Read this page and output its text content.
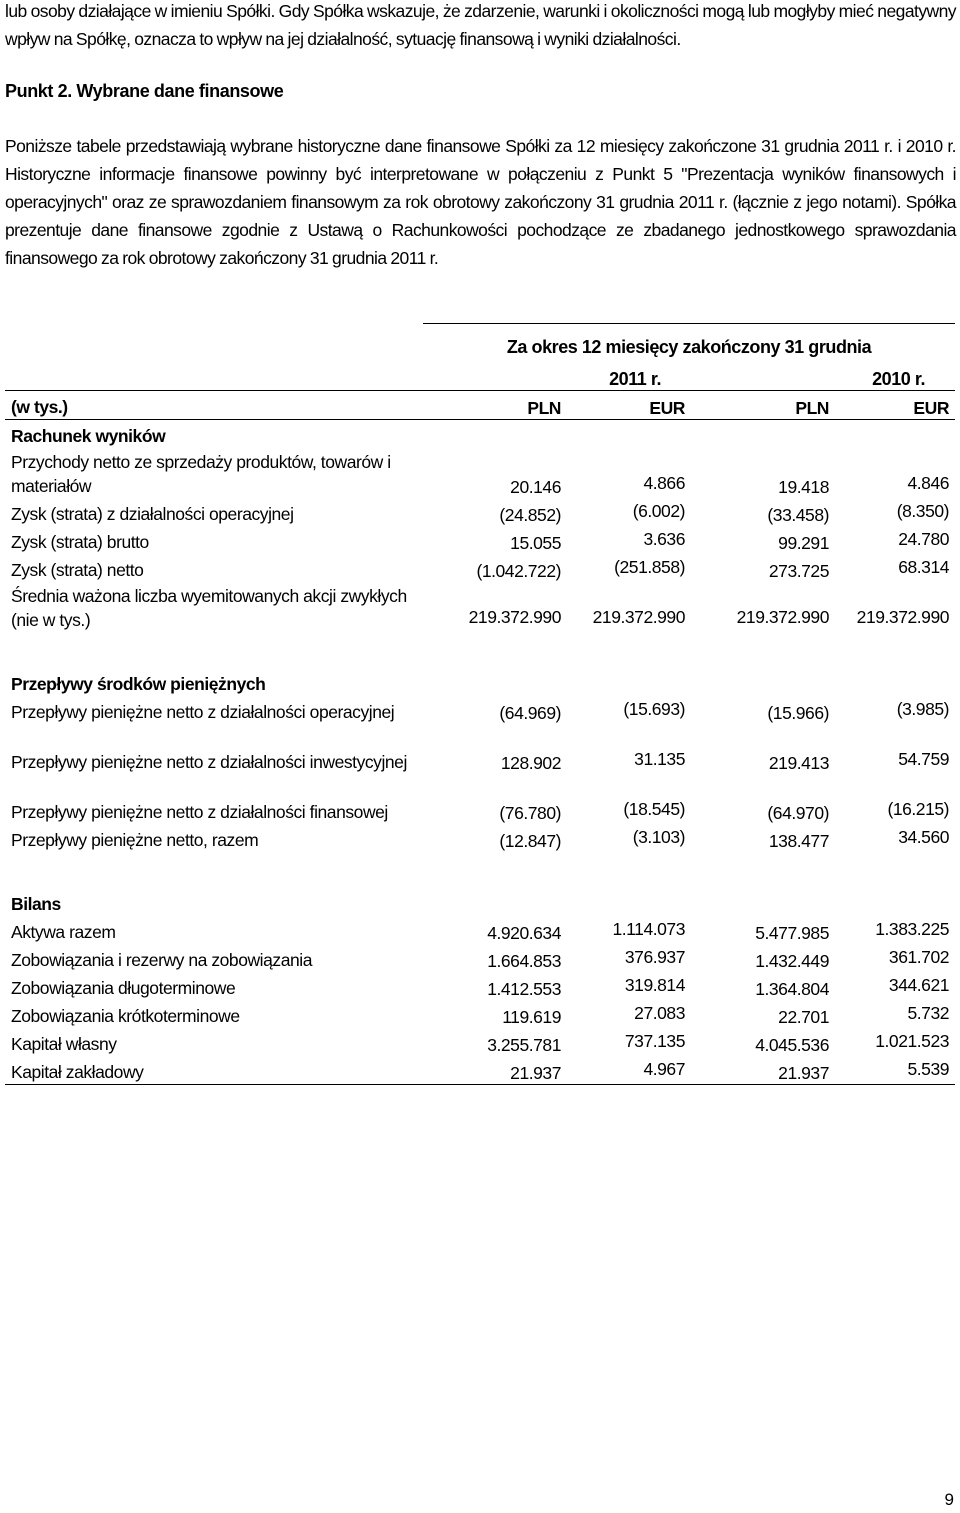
lub osoby działające w imieniu Spółki. Gdy Spółka wskazuje, że zdarzenie, warunki i okoliczności mogą lub mogłyby mieć negatywny wpływ na Spółkę, oznacza to wpływ na jej działalność, sytuację finansową i wyniki działalności.
Punkt 2. Wybrane dane finansowe
Poniższe tabele przedstawiają wybrane historyczne dane finansowe Spółki za 12 miesięcy zakończone 31 grudnia 2011 r. i 2010 r. Historyczne informacje finansowe powinny być interpretowane w połączeniu z Punkt 5 "Prezentacja wyników finansowych i operacyjnych" oraz ze sprawozdaniem finansowym za rok obrotowy zakończony 31 grudnia 2011 r. (łącznie z jego notami). Spółka prezentuje dane finansowe zgodnie z Ustawą o Rachunkowości pochodzące ze zbadanego jednostkowego sprawozdania finansowego za rok obrotowy zakończony 31 grudnia 2011 r.
	Za okres 12 miesięcy zakończony 31 grudnia			
	2011 r.		2010 r.	
(w tys.)	PLN	EUR	PLN	EUR
Rachunek wyników				
Przychody netto ze sprzedaży produktów, towarów i materiałów	20.146	4.866	19.418	4.846
Zysk (strata) z działalności operacyjnej	(24.852)	(6.002)	(33.458)	(8.350)
Zysk (strata) brutto	15.055	3.636	99.291	24.780
Zysk (strata) netto	(1.042.722)	(251.858)	273.725	68.314
Średnia ważona liczba wyemitowanych akcji zwykłych (nie w tys.)	219.372.990	219.372.990	219.372.990	219.372.990

Przepływy środków pieniężnych				
Przepływy pieniężne netto z działalności operacyjnej	(64.969)	(15.693)	(15.966)	(3.985)
Przepływy pieniężne netto z działalności inwestycyjnej	128.902	31.135	219.413	54.759

Przepływy pieniężne netto z działalności finansowej	(76.780)	(18.545)	(64.970)	(16.215)
Przepływy pieniężne netto, razem	(12.847)	(3.103)	138.477	34.560

Bilans				
Aktywa razem	4.920.634	1.114.073	5.477.985	1.383.225
Zobowiązania i rezerwy na zobowiązania	1.664.853	376.937	1.432.449	361.702
Zobowiązania długoterminowe	1.412.553	319.814	1.364.804	344.621
Zobowiązania krótkoterminowe	119.619	27.083	22.701	5.732
Kapitał własny	3.255.781	737.135	4.045.536	1.021.523
Kapitał zakładowy	21.937	4.967	21.937	5.539
9
